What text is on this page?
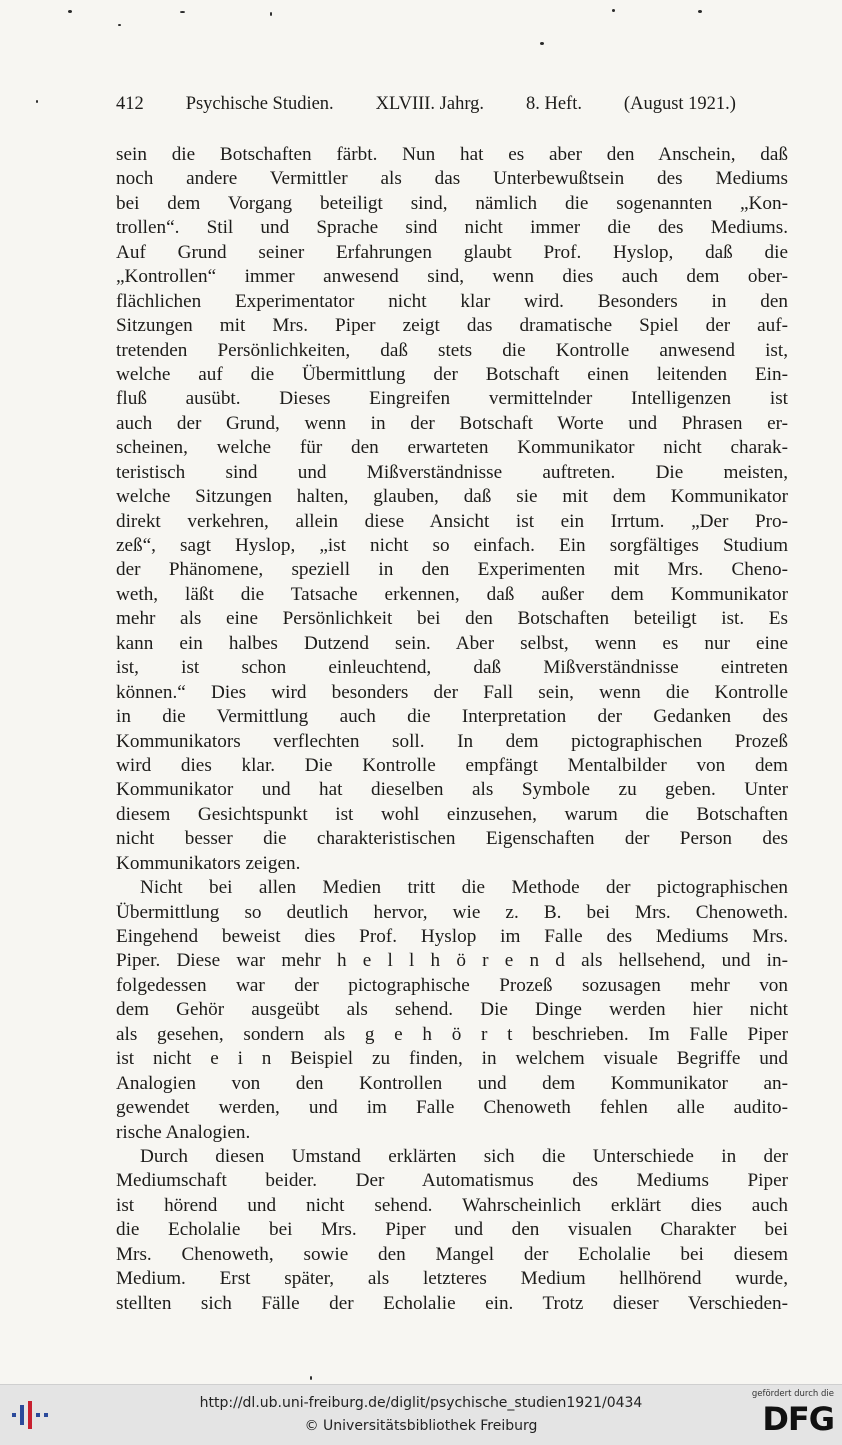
412 Psychische Studien. XLVIII. Jahrg. 8. Heft. (August 1921.)
sein die Botschaften färbt. Nun hat es aber den Anschein, daß
noch andere Vermittler als das Unterbewußtsein des Mediums
bei dem Vorgang beteiligt sind, nämlich die sogenannten „Kon-
trollen“. Stil und Sprache sind nicht immer die des Mediums.
Auf Grund seiner Erfahrungen glaubt Prof. Hyslop, daß die
„Kontrollen“ immer anwesend sind, wenn dies auch dem ober-
flächlichen Experimentator nicht klar wird. Besonders in den
Sitzungen mit Mrs. Piper zeigt das dramatische Spiel der auf-
tretenden Persönlichkeiten, daß stets die Kontrolle anwesend ist,
welche auf die Übermittlung der Botschaft einen leitenden Ein-
fluß ausübt. Dieses Eingreifen vermittelnder Intelligenzen ist
auch der Grund, wenn in der Botschaft Worte und Phrasen er-
scheinen, welche für den erwarteten Kommunikator nicht charak-
teristisch sind und Mißverständnisse auftreten. Die meisten,
welche Sitzungen halten, glauben, daß sie mit dem Kommunikator
direkt verkehren, allein diese Ansicht ist ein Irrtum. „Der Pro-
zeß“, sagt Hyslop, „ist nicht so einfach. Ein sorgfältiges Studium
der Phänomene, speziell in den Experimenten mit Mrs. Cheno-
weth, läßt die Tatsache erkennen, daß außer dem Kommunikator
mehr als eine Persönlichkeit bei den Botschaften beteiligt ist. Es
kann ein halbes Dutzend sein. Aber selbst, wenn es nur eine
ist, ist schon einleuchtend, daß Mißverständnisse eintreten
können.“ Dies wird besonders der Fall sein, wenn die Kontrolle
in die Vermittlung auch die Interpretation der Gedanken des
Kommunikators verflechten soll. In dem pictographischen Prozeß
wird dies klar. Die Kontrolle empfängt Mentalbilder von dem
Kommunikator und hat dieselben als Symbole zu geben. Unter
diesem Gesichtspunkt ist wohl einzusehen, warum die Botschaften
nicht besser die charakteristischen Eigenschaften der Person des
Kommunikators zeigen.
Nicht bei allen Medien tritt die Methode der pictographischen
Übermittlung so deutlich hervor, wie z. B. bei Mrs. Chenoweth.
Eingehend beweist dies Prof. Hyslop im Falle des Mediums Mrs.
Piper. Diese war mehr h e l l h ö r e n d als hellsehend, und in-
folgedessen war der pictographische Prozeß sozusagen mehr von
dem Gehör ausgeübt als sehend. Die Dinge werden hier nicht
als gesehen, sondern als g e h ö r t beschrieben. Im Falle Piper
ist nicht e i n Beispiel zu finden, in welchem visuale Begriffe und
Analogien von den Kontrollen und dem Kommunikator an-
gewendet werden, und im Falle Chenoweth fehlen alle audito-
rische Analogien.
Durch diesen Umstand erklärten sich die Unterschiede in der
Mediumschaft beider. Der Automatismus des Mediums Piper
ist hörend und nicht sehend. Wahrscheinlich erklärt dies auch
die Echolalie bei Mrs. Piper und den visualen Charakter bei
Mrs. Chenoweth, sowie den Mangel der Echolalie bei diesem
Medium. Erst später, als letzteres Medium hellhörend wurde,
stellten sich Fälle der Echolalie ein. Trotz dieser Verschieden-
http://dl.ub.uni-freiburg.de/diglit/psychische_studien1921/0434
© Universitätsbibliothek Freiburg
gefördert durch die
DFG
